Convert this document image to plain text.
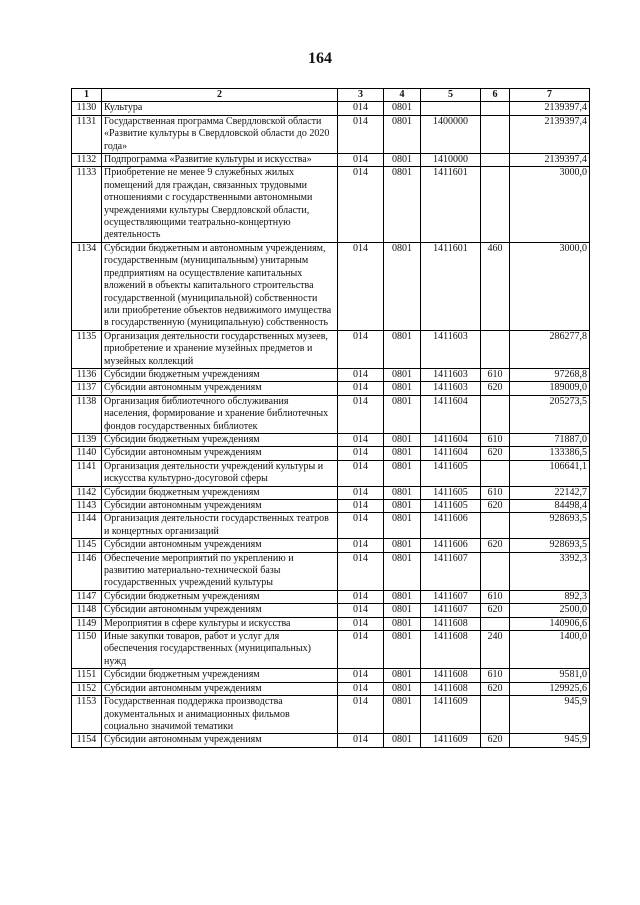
164
1	2	3	4	5	6	7
1130	Культура	014	0801			2139397,4
1131	Государственная программа Свердловской области «Развитие культуры в Свердловской области до 2020 года»	014	0801	1400000		2139397,4
1132	Подпрограмма «Развитие культуры и искусства»	014	0801	1410000		2139397,4
1133	Приобретение не менее 9 служебных жилых помещений для граждан, связанных трудовыми отношениями с государственными автономными учреждениями культуры Свердловской области, осуществляющими театрально-концертную деятельность	014	0801	1411601		3000,0
1134	Субсидии бюджетным и автономным учреждениям, государственным (муниципальным) унитарным предприятиям на осуществление капитальных вложений в объекты капитального строительства государственной (муниципальной) собственности или приобретение объектов недвижимого имущества в государственную (муниципальную) собственность	014	0801	1411601	460	3000,0
1135	Организация деятельности государственных музеев, приобретение и хранение музейных предметов и музейных коллекций	014	0801	1411603		286277,8
1136	Субсидии бюджетным учреждениям	014	0801	1411603	610	97268,8
1137	Субсидии автономным учреждениям	014	0801	1411603	620	189009,0
1138	Организация библиотечного обслуживания населения, формирование и хранение библиотечных фондов государственных библиотек	014	0801	1411604		205273,5
1139	Субсидии бюджетным учреждениям	014	0801	1411604	610	71887,0
1140	Субсидии автономным учреждениям	014	0801	1411604	620	133386,5
1141	Организация деятельности учреждений культуры и искусства культурно-досуговой сферы	014	0801	1411605		106641,1
1142	Субсидии бюджетным учреждениям	014	0801	1411605	610	22142,7
1143	Субсидии автономным учреждениям	014	0801	1411605	620	84498,4
1144	Организация деятельности государственных театров и концертных организаций	014	0801	1411606		928693,5
1145	Субсидии автономным учреждениям	014	0801	1411606	620	928693,5
1146	Обеспечение мероприятий по укреплению и развитию материально-технической базы государственных учреждений культуры	014	0801	1411607		3392,3
1147	Субсидии бюджетным учреждениям	014	0801	1411607	610	892,3
1148	Субсидии автономным учреждениям	014	0801	1411607	620	2500,0
1149	Мероприятия в сфере культуры и искусства	014	0801	1411608		140906,6
1150	Иные закупки товаров, работ и услуг для обеспечения государственных (муниципальных) нужд	014	0801	1411608	240	1400,0
1151	Субсидии бюджетным учреждениям	014	0801	1411608	610	9581,0
1152	Субсидии автономным учреждениям	014	0801	1411608	620	129925,6
1153	Государственная поддержка производства документальных и анимационных фильмов социально значимой тематики	014	0801	1411609		945,9
1154	Субсидии автономным учреждениям	014	0801	1411609	620	945,9
